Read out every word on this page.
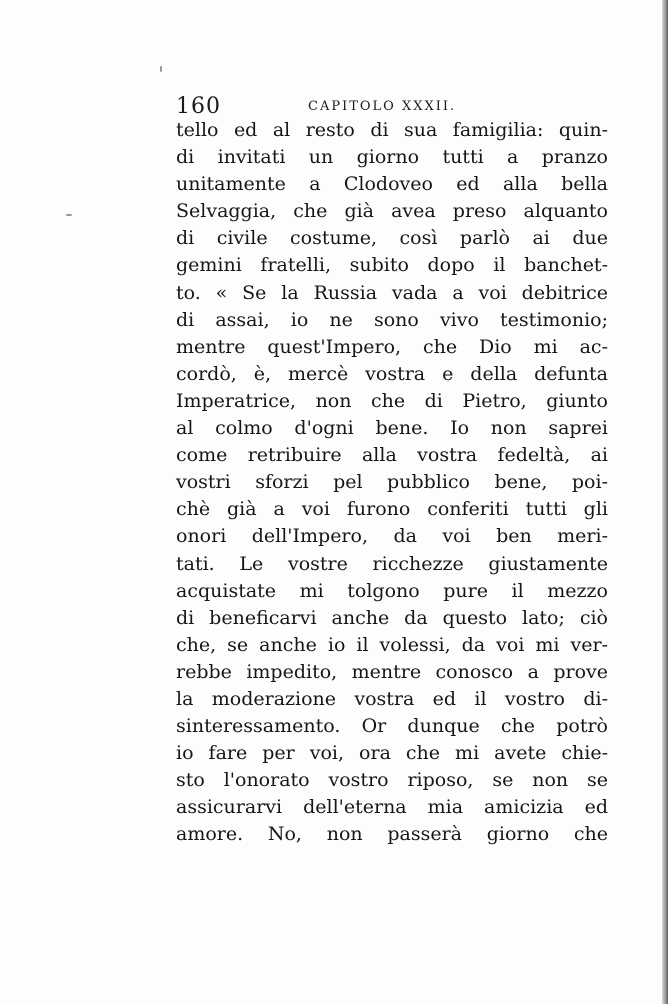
160	CAPITOLO XXXII.
tello ed al resto di sua famigilia: quin-
di invitati un giorno tutti a pranzo
unitamente a Clodoveo ed alla bella
Selvaggia, che già avea preso alquanto
di civile costume, così parlò ai due
gemini fratelli, subito dopo il banchet-
to. « Se la Russia vada a voi debitrice
di assai, io ne sono vivo testimonio;
mentre quest'Impero, che Dio mi ac-
cordò, è, mercè vostra e della defunta
Imperatrice, non che di Pietro, giunto
al colmo d'ogni bene. Io non saprei
come retribuire alla vostra fedeltà, ai
vostri sforzi pel pubblico bene, poi-
chè già a voi furono conferiti tutti gli
onori dell'Impero, da voi ben meri-
tati. Le vostre ricchezze giustamente
acquistate mi tolgono pure il mezzo
di beneficarvi anche da questo lato; ciò
che, se anche io il volessi, da voi mi ver-
rebbe impedito, mentre conosco a prove
la moderazione vostra ed il vostro di-
sinteressamento. Or dunque che potrò
io fare per voi, ora che mi avete chie-
sto l'onorato vostro riposo, se non se
assicurarvi dell'eterna mia amicizia ed
amore. No, non passerà giorno che
